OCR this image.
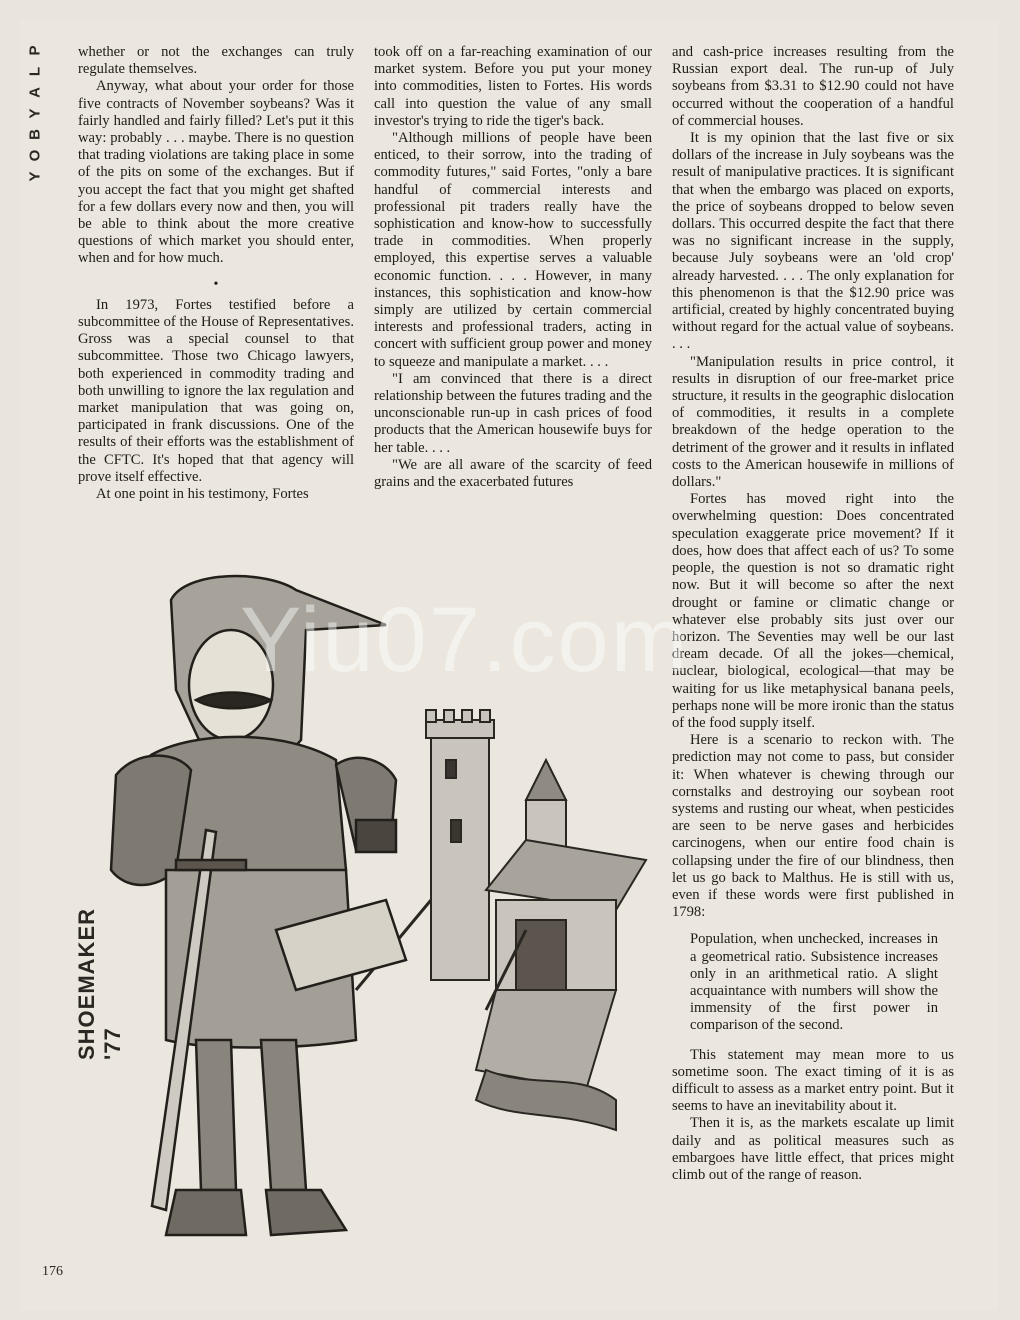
P
L
A
Y
B
O
Y

whether or not the exchanges can truly regulate themselves.

Anyway, what about your order for those five contracts of November soybeans? Was it fairly handled and fairly filled? Let's put it this way: probably . . . maybe. There is no question that trading violations are taking place in some of the pits on some of the exchanges. But if you accept the fact that you might get shafted for a few dollars every now and then, you will be able to think about the more creative questions of which market you should enter, when and for how much.

•

In 1973, Fortes testified before a subcommittee of the House of Representatives. Gross was a special counsel to that subcommittee. Those two Chicago lawyers, both experienced in commodity trading and both unwilling to ignore the lax regulation and market manipulation that was going on, participated in frank discussions. One of the results of their efforts was the establishment of the CFTC. It's hoped that that agency will prove itself effective.

At one point in his testimony, Fortes

took off on a far-reaching examination of our market system. Before you put your money into commodities, listen to Fortes. His words call into question the value of any small investor's trying to ride the tiger's back.

"Although millions of people have been enticed, to their sorrow, into the trading of commodity futures," said Fortes, "only a bare handful of commercial interests and professional pit traders really have the sophistication and know-how to successfully trade in commodities. When properly employed, this expertise serves a valuable economic function. . . . However, in many instances, this sophistication and know-how simply are utilized by certain commercial interests and professional traders, acting in concert with sufficient group power and money to squeeze and manipulate a market. . . .

"I am convinced that there is a direct relationship between the futures trading and the unconscionable run-up in cash prices of food products that the American housewife buys for her table. . . .

"We are all aware of the scarcity of feed grains and the exacerbated futures

and cash-price increases resulting from the Russian export deal. The run-up of July soybeans from $3.31 to $12.90 could not have occurred without the cooperation of a handful of commercial houses.

It is my opinion that the last five or six dollars of the increase in July soybeans was the result of manipulative practices. It is significant that when the embargo was placed on exports, the price of soybeans dropped to below seven dollars. This occurred despite the fact that there was no significant increase in the supply, because July soybeans were an 'old crop' already harvested. . . . The only explanation for this phenomenon is that the $12.90 price was artificial, created by highly concentrated buying without regard for the actual value of soybeans. . . .

"Manipulation results in price control, it results in disruption of our free-market price structure, it results in the geographic dislocation of commodities, it results in a complete breakdown of the hedge operation to the detriment of the grower and it results in inflated costs to the American housewife in millions of dollars."

Fortes has moved right into the overwhelming question: Does concentrated speculation exaggerate price movement? If it does, how does that affect each of us? To some people, the question is not so dramatic right now. But it will become so after the next drought or famine or climatic change or whatever else probably sits just over our horizon. The Seventies may well be our last dream decade. Of all the jokes—chemical, nuclear, biological, ecological—that may be waiting for us like metaphysical banana peels, perhaps none will be more ironic than the status of the food supply itself.

Here is a scenario to reckon with. The prediction may not come to pass, but consider it: When whatever is chewing through our cornstalks and destroying our soybean root systems and rusting our wheat, when pesticides are seen to be nerve gases and herbicides carcinogens, when our entire food chain is collapsing under the fire of our blindness, then let us go back to Malthus. He is still with us, even if these words were first published in 1798:

Population, when unchecked, increases in a geometrical ratio. Subsistence increases only in an arithmetical ratio. A slight acquaintance with numbers will show the immensity of the first power in comparison of the second.

This statement may mean more to us sometime soon. The exact timing of it is as difficult to assess as a market entry point. But it seems to have an inevitability about it.

Then it is, as the markets escalate up limit daily and as political measures such as embargoes have little effect, that prices might climb out of the range of reason.

Yiu07.com
SHOEMAKER '77
176
